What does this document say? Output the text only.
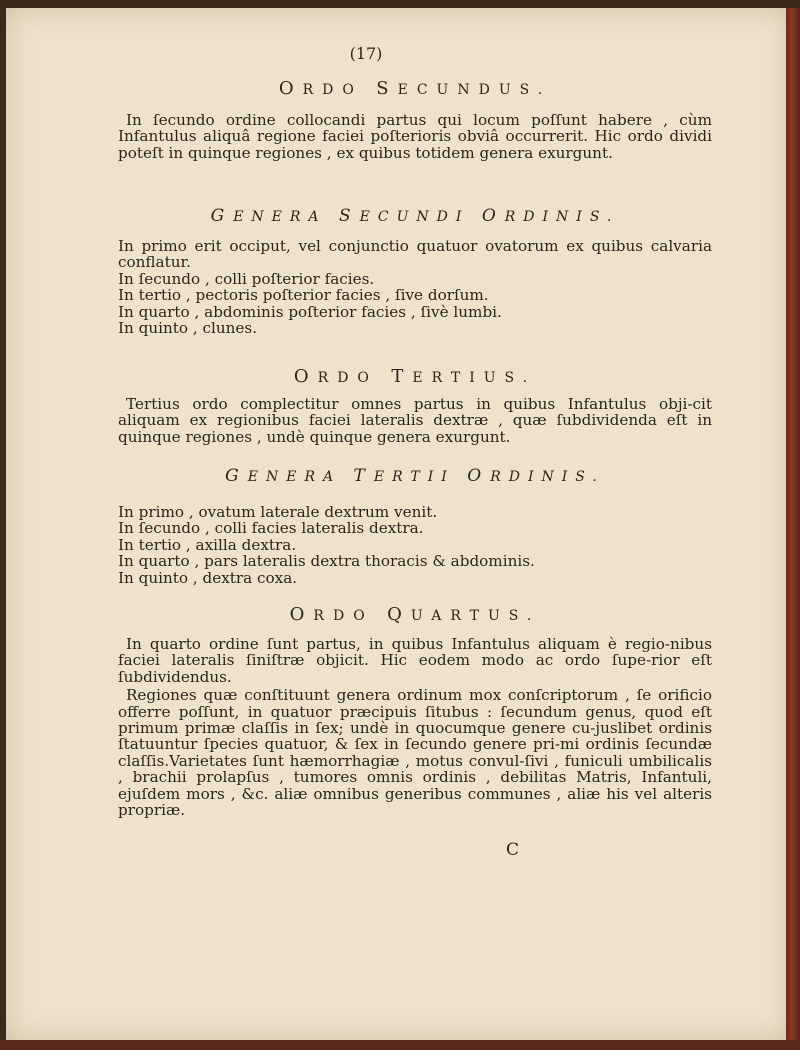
(17)
ORDO SECUNDUS.

In ſecundo ordine collocandi partus qui locum poſſunt habere , cùm Infantulus aliquâ regione faciei poſterioris obviâ occurrerit. Hic ordo dividi poteſt in quinque regiones , ex quibus totidem genera exurgunt.

GENERA SECUNDI ORDINIS.

In primo erit occiput, vel conjunctio quatuor ovatorum ex quibus calvaria conflatur.

In ſecundo , colli poſterior facies.

In tertio , pectoris poſterior facies , ſive dorſum.

In quarto , abdominis poſterior facies , ſivè lumbi.

In quinto , clunes.

ORDO TERTIUS.

Tertius ordo complectitur omnes partus in quibus Infantulus obji-cit aliquam ex regionibus faciei lateralis dextræ , quæ ſubdividenda eſt in quinque regiones , undè quinque genera exurgunt.

GENERA TERTII ORDINIS.

In primo , ovatum laterale dextrum venit.

In ſecundo , colli facies lateralis dextra.

In tertio , axilla dextra.

In quarto , pars lateralis dextra thoracis & abdominis.

In quinto , dextra coxa.

ORDO QUARTUS.

In quarto ordine ſunt partus, in quibus Infantulus aliquam è regio-nibus faciei lateralis ſiniſtræ objicit. Hic eodem modo ac ordo ſupe-rior eſt ſubdividendus.

Regiones quæ conſtituunt genera ordinum mox conſcriptorum , ſe orificio offerre poſſunt, in quatuor præcipuis ſitubus : ſecundum genus, quod eſt primum primæ claſſis in ſex; undè in quocumque genere cu-juslibet ordinis ſtatuuntur ſpecies quatuor, & ſex in ſecundo genere pri-mi ordinis ſecundæ claſſis.Varietates ſunt hæmorrhagiæ , motus convul-ſivi , funiculi umbilicalis , brachii prolapſus , tumores omnis ordinis , debilitas Matris, Infantuli, ejuſdem mors , &c. aliæ omnibus generibus communes , aliæ his vel alteris propriæ.

C
